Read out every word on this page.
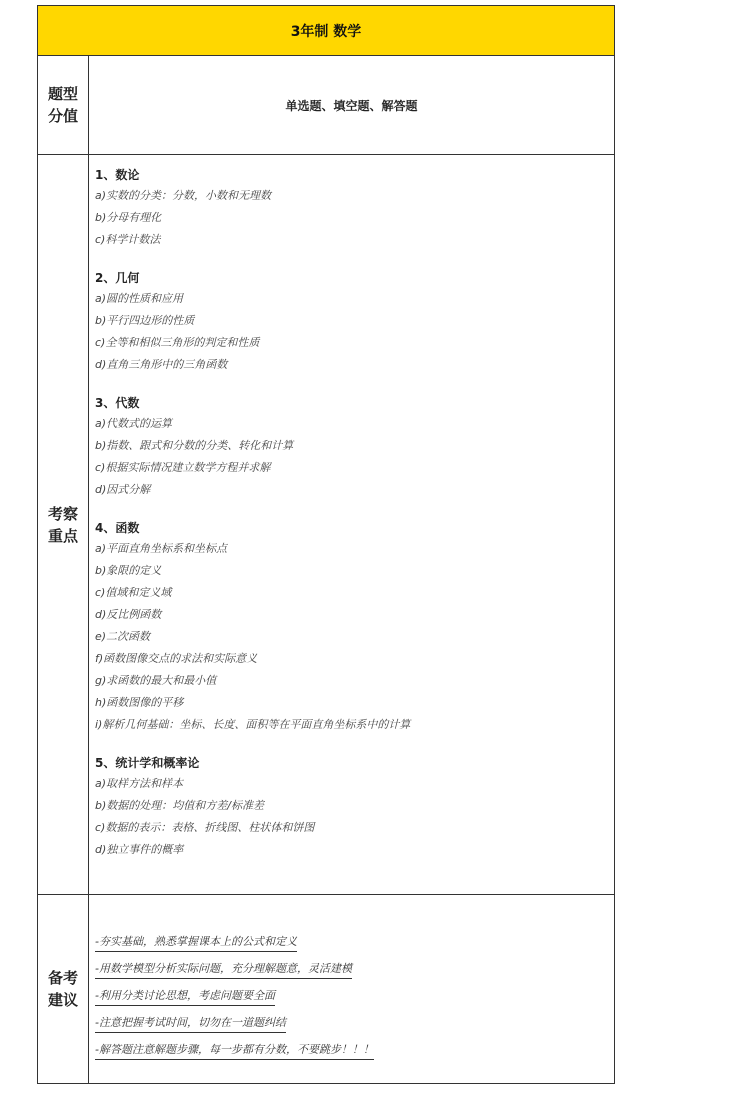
3年制 数学
题型
分值
单选题、填空题、解答题
考察
重点
1、数论
a)实数的分类：分数，小数和无理数
b)分母有理化
c)科学计数法
2、几何
a)圆的性质和应用
b)平行四边形的性质
c)全等和相似三角形的判定和性质
d)直角三角形中的三角函数
3、代数
a)代数式的运算
b)指数、跟式和分数的分类、转化和计算
c)根据实际情况建立数学方程并求解
d)因式分解
4、函数
a)平面直角坐标系和坐标点
b)象限的定义
c)值域和定义域
d)反比例函数
e)二次函数
f)函数图像交点的求法和实际意义
g)求函数的最大和最小值
h)函数图像的平移
i)解析几何基础：坐标、长度、面积等在平面直角坐标系中的计算
5、统计学和概率论
a)取样方法和样本
b)数据的处理：均值和方差/标准差
c)数据的表示：表格、折线图、柱状体和饼图
d)独立事件的概率
备考
建议
-夯实基础，熟悉掌握课本上的公式和定义
-用数学模型分析实际问题，充分理解题意，灵活建模
-利用分类讨论思想，考虑问题要全面
-注意把握考试时间，切勿在一道题纠结
-解答题注意解题步骤，每一步都有分数，不要跳步！！！
